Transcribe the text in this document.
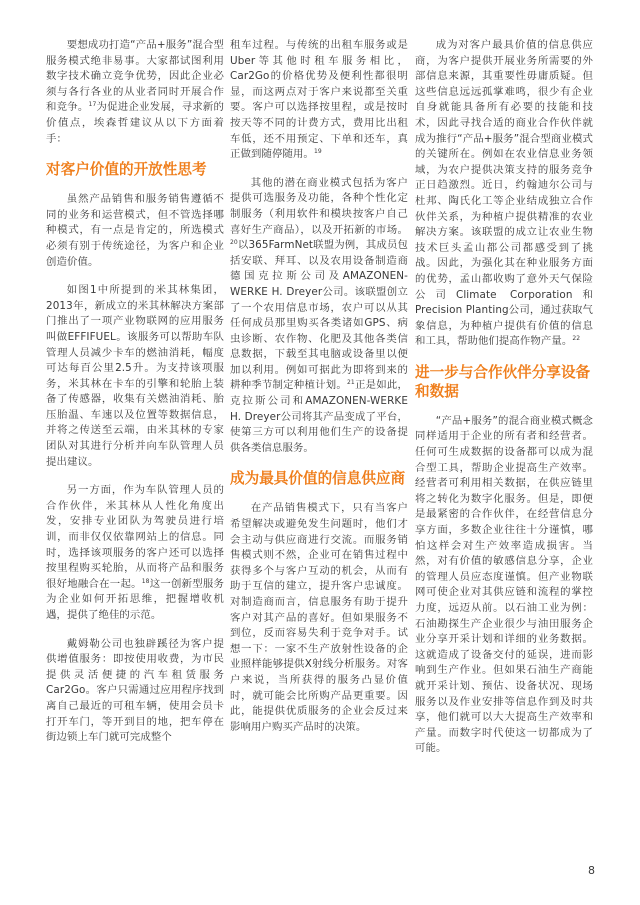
要想成功打造“产品+服务”混合型服务模式绝非易事。大家都试图利用数字技术确立竞争优势，因此企业必须与各行各业的从业者同时开展合作和竞争。$^{17}$为促进企业发展，寻求新的价值点，埃森哲建议从以下方面着手：

对客户价值的开放性思考

虽然产品销售和服务销售遵循不同的业务和运营模式，但不管选择哪种模式，有一点是肯定的，所选模式必须有别于传统途径，为客户和企业创造价值。

如图1中所提到的米其林集团，2013年，新成立的米其林解决方案部门推出了一项产业物联网的应用服务叫做EFFIFUEL。该服务可以帮助车队管理人员减少卡车的燃油消耗，幅度可达每百公里2.5升。为支持该项服务，米其林在卡车的引擎和轮胎上装备了传感器，收集有关燃油消耗、胎压胎温、车速以及位置等数据信息，并将之传送至云端，由米其林的专家团队对其进行分析并向车队管理人员提出建议。

另一方面，作为车队管理人员的合作伙伴，米其林从人性化角度出发，安排专业团队为驾驶员进行培训，而非仅仅依靠网站上的信息。同时，选择该项服务的客户还可以选择按里程购买轮胎，从而将产品和服务很好地融合在一起。$^{18}$这一创新型服务为企业如何开拓思维，把握增收机遇，提供了绝佳的示范。

戴姆勒公司也独辟蹊径为客户提供增值服务：即按使用收费，为市民提供灵活便捷的汽车租赁服务Car2Go。客户只需通过应用程序找到离自己最近的可租车辆，使用会员卡打开车门，等开到目的地，把车停在街边锁上车门就可完成整个

租车过程。与传统的出租车服务或是Uber等其他时租车服务相比，Car2Go的价格优势及便利性都很明显，而这两点对于客户来说都至关重要。客户可以选择按里程，或是按时按天等不同的计费方式，费用比出租车低，还不用预定、下单和还车，真正做到随停随用。$^{19}$

其他的潜在商业模式包括为客户提供可选服务及功能，各种个性化定制服务（利用软件和模块按客户自己喜好生产商品），以及开拓新的市场。$^{20}$以365FarmNet联盟为例，其成员包括安联、拜耳、以及农用设备制造商德国克拉斯公司及AMAZONEN-WERKE H. Dreyer公司。该联盟创立了一个农用信息市场，农户可以从其任何成员那里购买各类诸如GPS、病虫诊断、农作物、化肥及其他各类信息数据，下载至其电脑或设备里以便加以利用。例如可据此为即将到来的耕种季节制定种植计划。$^{21}$正是如此，克拉斯公司和AMAZONEN-WERKE H. Dreyer公司将其产品变成了平台，使第三方可以利用他们生产的设备提供各类信息服务。

成为最具价值的信息供应商

在产品销售模式下，只有当客户希望解决或避免发生问题时，他们才会主动与供应商进行交流。而服务销售模式则不然，企业可在销售过程中获得多个与客户互动的机会，从而有助于互信的建立，提升客户忠诚度。对制造商而言，信息服务有助于提升客户对其产品的喜好。但如果服务不到位，反而容易失利于竞争对手。试想一下：一家不生产放射性设备的企业照样能够提供X射线分析服务。对客户来说，当所获得的服务凸显价值时，就可能会比所购产品更重要。因此，能提供优质服务的企业会反过来影响用户购买产品时的决策。

成为对客户最具价值的信息供应商，为客户提供开展业务所需要的外部信息来源，其重要性毋庸质疑。但这些信息远远孤掌难鸣，很少有企业自身就能具备所有必要的技能和技术，因此寻找合适的商业合作伙伴就成为推行“产品+服务”混合型商业模式的关键所在。例如在农业信息业务领域，为农户提供决策支持的服务竞争正日趋激烈。近日，约翰迪尔公司与杜邦、陶氏化工等企业结成独立合作伙伴关系，为种植户提供精准的农业解决方案。该联盟的成立让农业生物技术巨头孟山都公司都感受到了挑战。因此，为强化其在种业服务方面的优势，孟山都收购了意外天气保险公司Climate Corporation和Precision Planting公司，通过获取气象信息，为种植户提供有价值的信息和工具，帮助他们提高作物产量。$^{22}$

进一步与合作伙伴分享设备和数据

“产品+服务”的混合商业模式概念同样适用于企业的所有者和经营者。任何可生成数据的设备都可以成为混合型工具，帮助企业提高生产效率。经营者可利用相关数据，在供应链里将之转化为数字化服务。但是，即便是最紧密的合作伙伴，在经营信息分享方面，多数企业往往十分谨慎，哪怕这样会对生产效率造成损害。当然，对有价值的敏感信息分享，企业的管理人员应态度谨慎。但产业物联网可使企业对其供应链和流程的掌控力度，远迈从前。以石油工业为例：石油勘探生产企业很少与油田服务企业分享开采计划和详细的业务数据。这就造成了设备交付的延误，进而影响到生产作业。但如果石油生产商能就开采计划、预估、设备状况、现场服务以及作业安排等信息作到及时共享，他们就可以大大提高生产效率和产量。而数字时代使这一切都成为了可能。

8
